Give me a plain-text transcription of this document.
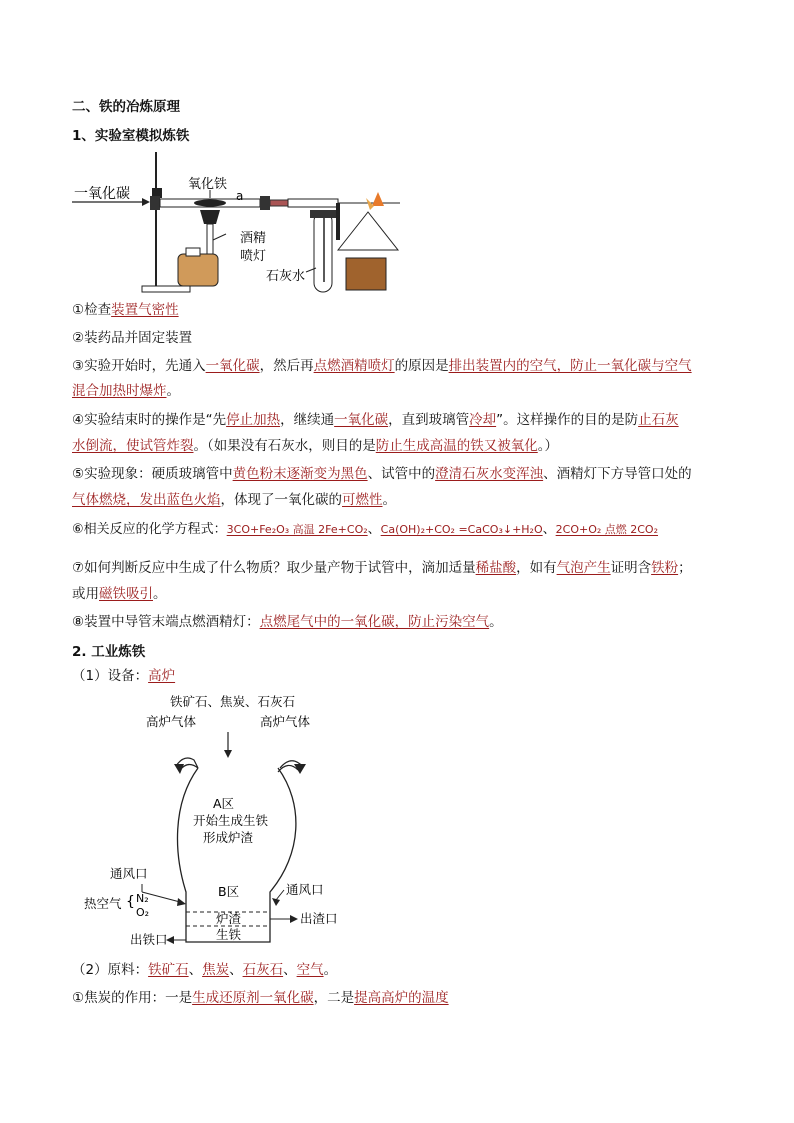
二、铁的冶炼原理
1、实验室模拟炼铁
一氧化碳
氧化铁
a
酒精
喷灯
石灰水
①检查装置气密性
②装药品并固定装置
③实验开始时，先通入一氧化碳，然后再点燃酒精喷灯的原因是排出装置内的空气，防止一氧化碳与空气
混合加热时爆炸。
④实验结束时的操作是“先停止加热，继续通一氧化碳，直到玻璃管冷却”。这样操作的目的是防止石灰
水倒流，使试管炸裂。（如果没有石灰水，则目的是防止生成高温的铁又被氧化。）
⑤实验现象：硬质玻璃管中黄色粉末逐渐变为黑色、试管中的澄清石灰水变浑浊、酒精灯下方导管口处的
气体燃烧，发出蓝色火焰，体现了一氧化碳的可燃性。
⑥相关反应的化学方程式：3CO+Fe₂O₃ 高温 2Fe+CO₂、Ca(OH)₂+CO₂ =CaCO₃↓+H₂O、2CO+O₂ 点燃 2CO₂
⑦如何判断反应中生成了什么物质？取少量产物于试管中，滴加适量稀盐酸，如有气泡产生证明含铁粉；
或用磁铁吸引。
⑧装置中导管末端点燃酒精灯：点燃尾气中的一氧化碳，防止污染空气。
2. 工业炼铁
（1）设备：高炉
铁矿石、焦炭、石灰石
高炉气体	高炉气体
A区
开始生成生铁
形成炉渣
B区
炉渣
生铁
通风口
热空气 { N₂
O₂
通风口
出渣口
出铁口
（2）原料：铁矿石、焦炭、石灰石、空气。
①焦炭的作用：一是生成还原剂一氧化碳，二是提高高炉的温度
